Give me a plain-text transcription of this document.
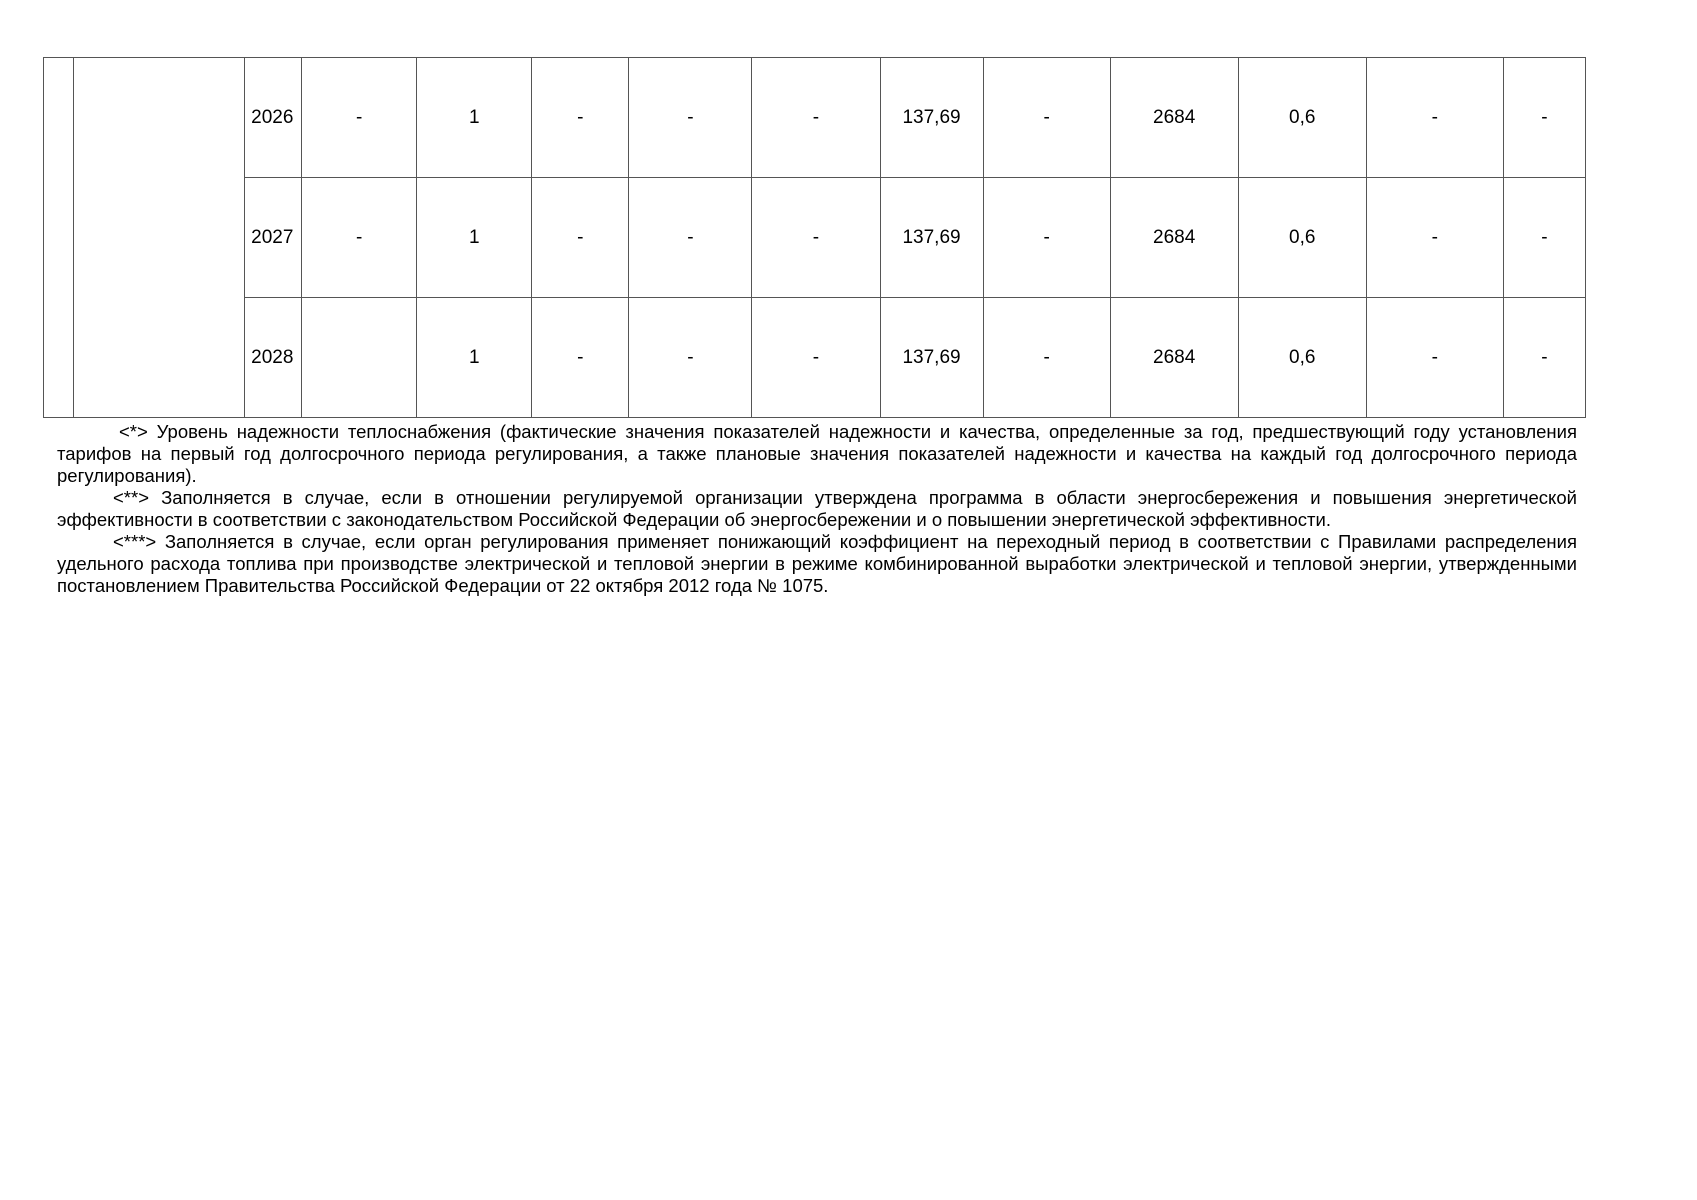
		2026	-	1	-	-	-	137,69	-	2684	0,6	-	-
		2027	-	1	-	-	-	137,69	-	2684	0,6	-	-
		2028		1	-	-	-	137,69	-	2684	0,6	-	-

<*> Уровень надежности теплоснабжения (фактические значения показателей надежности и качества, определенные за год, предшествующий году установления тарифов на первый год долгосрочного периода регулирования, а также плановые значения показателей надежности и качества на каждый год долгосрочного периода регулирования).

<**> Заполняется в случае, если в отношении регулируемой организации утверждена программа в области энергосбережения и повышения энергетической эффективности в соответствии с законодательством Российской Федерации об энергосбережении и о повышении энергетической эффективности.

<***> Заполняется в случае, если орган регулирования применяет понижающий коэффициент на переходный период в соответствии с Правилами распределения удельного расхода топлива при производстве электрической и тепловой энергии в режиме комбинированной выработки электрической и тепловой энергии, утвержденными постановлением Правительства Российской Федерации от 22 октября 2012 года № 1075.
